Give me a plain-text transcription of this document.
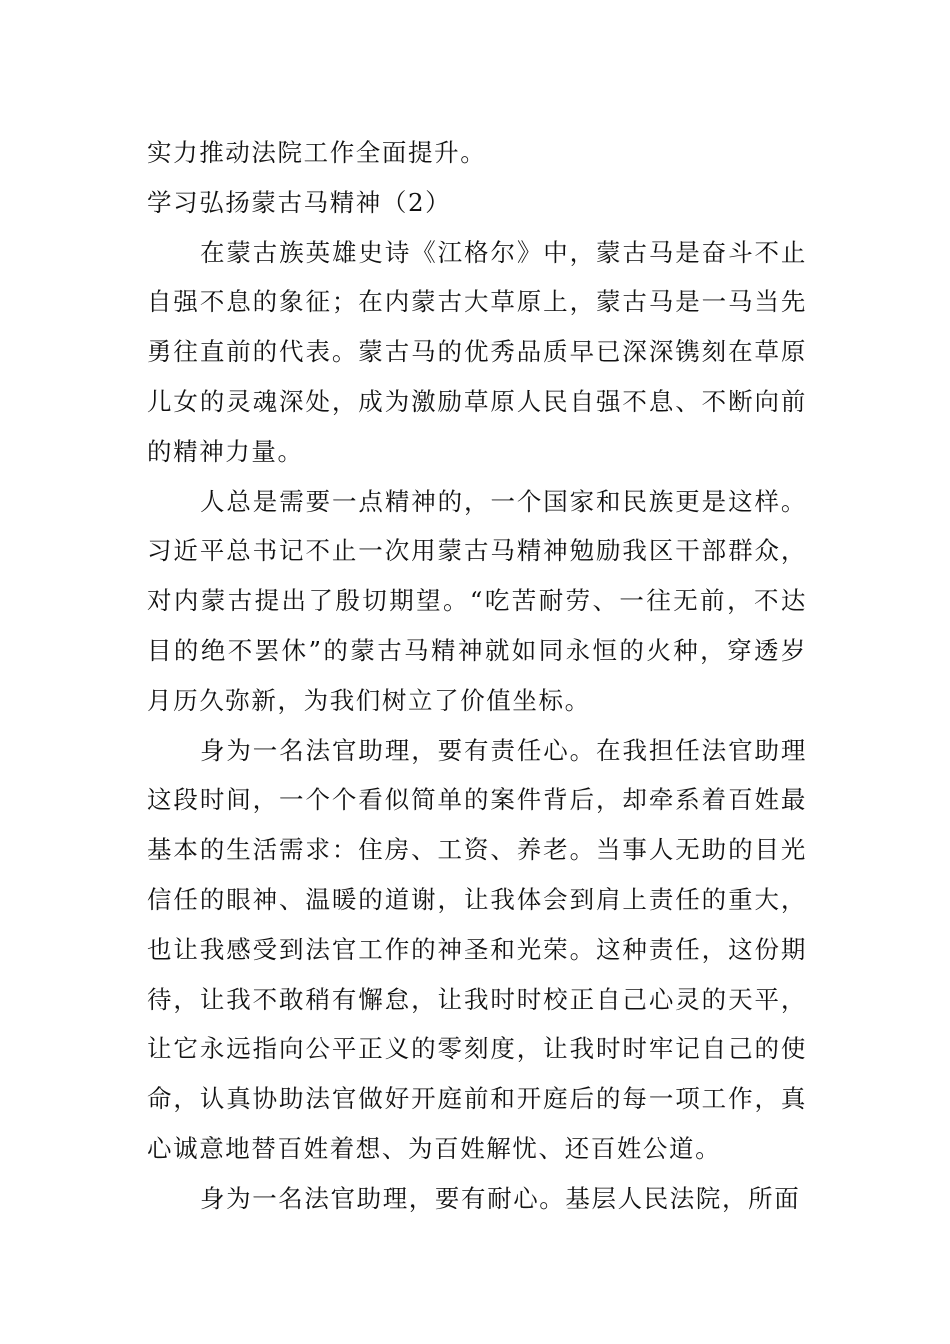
实力推动法院工作全面提升。

学习弘扬蒙古马精神（2）

在蒙古族英雄史诗《江格尔》中，蒙古马是奋斗不止自强不息的象征；在内蒙古大草原上，蒙古马是一马当先勇往直前的代表。蒙古马的优秀品质早已深深镌刻在草原儿女的灵魂深处，成为激励草原人民自强不息、不断向前的精神力量。

人总是需要一点精神的，一个国家和民族更是这样。习近平总书记不止一次用蒙古马精神勉励我区干部群众，对内蒙古提出了殷切期望。“吃苦耐劳、一往无前，不达目的绝不罢休”的蒙古马精神就如同永恒的火种，穿透岁月历久弥新，为我们树立了价值坐标。

身为一名法官助理，要有责任心。在我担任法官助理这段时间，一个个看似简单的案件背后，却牵系着百姓最基本的生活需求：住房、工资、养老。当事人无助的目光信任的眼神、温暖的道谢，让我体会到肩上责任的重大，也让我感受到法官工作的神圣和光荣。这种责任，这份期待，让我不敢稍有懈怠，让我时时校正自己心灵的天平，让它永远指向公平正义的零刻度，让我时时牢记自己的使命，认真协助法官做好开庭前和开庭后的每一项工作，真心诚意地替百姓着想、为百姓解忧、还百姓公道。

身为一名法官助理，要有耐心。基层人民法院，所面
